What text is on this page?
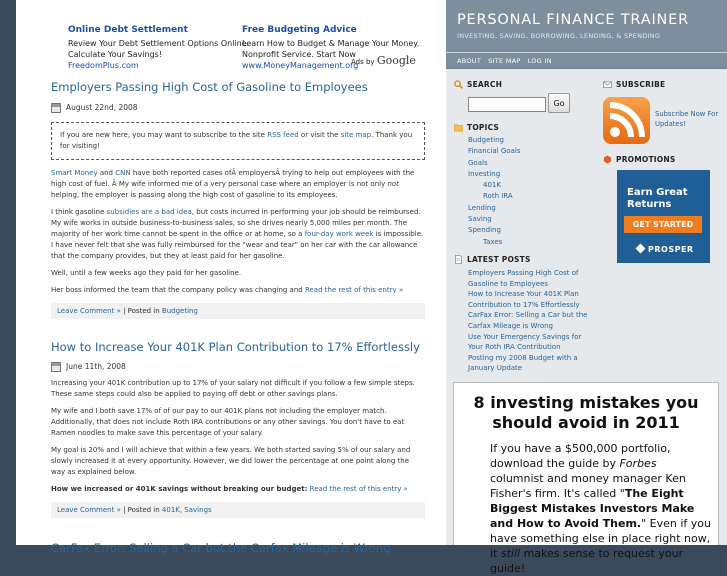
Online Debt Settlement
Review Your Debt Settlement Options Online.
Calculate Your Savings!
FreedomPlus.com
Free Budgeting Advice
Learn How to Budget & Manage Your Money.
Nonprofit Service. Start Now
www.MoneyManagement.org
Ads by Google
Employers Passing High Cost of Gasoline to Employees
August 22nd, 2008
If you are new here, you may want to subscribe to the site RSS feed or visit the site map. Thank you for visiting!

Smart Money and CNN have both reported cases ofÂ employersÂ trying to help out employees with the high cost of fuel. Â My wife informed me of a very personal case where an employer is not only not helping, the employer is passing along the high cost of gasoline to its employees.

I think gasoline subsidies are a bad idea, but costs incurred in performing your job should be reimbursed. My wife works in outside business-to-business sales, so she drives nearly 5,000 miles per month. The majority of her work time cannot be spent in the office or at home, so a four-day work week is impossible. I have never felt that she was fully reimbursed for the "wear and tear" on her car with the car allowance that the company provides, but they at least paid for her gasoline.

Well, until a few weeks ago they paid for her gasoline.

Her boss informed the team that the company policy was changing and Read the rest of this entry »

Leave Comment » | Posted in Budgeting
How to Increase Your 401K Plan Contribution to 17% Effortlessly
June 11th, 2008

Increasing your 401K contribution up to 17% of your salary not difficult if you follow a few simple steps. These same steps could also be applied to paying off debt or other savings plans.

My wife and I both save 17% of of our pay to our 401K plans not including the employer match. Additionally, that does not include Roth IRA contributions or any other savings. You don't have to eat Ramen noodles to make save this percentage of your salary.

My goal is 20% and I will achieve that within a few years. We both started saving 5% of our salary and slowly increased it at every opportunity. However, we did lower the percentage at one point along the way as explained below.

How we increased or 401K savings without breaking our budget: Read the rest of this entry »

Leave Comment » | Posted in 401K, Savings
CarFax Error: Selling a Car but the Carfax Mileage is Wrong
PERSONAL FINANCE TRAINER
INVESTING, SAVING, BORROWING, LENDING, & SPENDING
ABOUT SITE MAP LOG IN
SEARCH
Go
TOPICS
Budgeting
Financial Goals
Goals
Investing
401K
Roth IRA
Lending
Saving
Spending
Taxes
LATEST POSTS
Employers Passing High Cost of Gasoline to Employees
How to Increase Your 401K Plan Contribution to 17% Effortlessly
CarFax Error: Selling a Car but the Carfax Mileage is Wrong
Use Your Emergency Savings for Your Roth IRA Contribution
Posting my 2008 Budget with a January Update
SUBSCRIBE
Subscribe Now For Updates!
PROMOTIONS
Earn Great
Returns
GET STARTED
PROSPER
8 investing mistakes you should avoid in 2011
If you have a $500,000 portfolio, download the guide by Forbes columnist and money manager Ken Fisher's firm. It's called "The Eight Biggest Mistakes Investors Make and How to Avoid Them." Even if you have something else in place right now, it still makes sense to request your guide!
